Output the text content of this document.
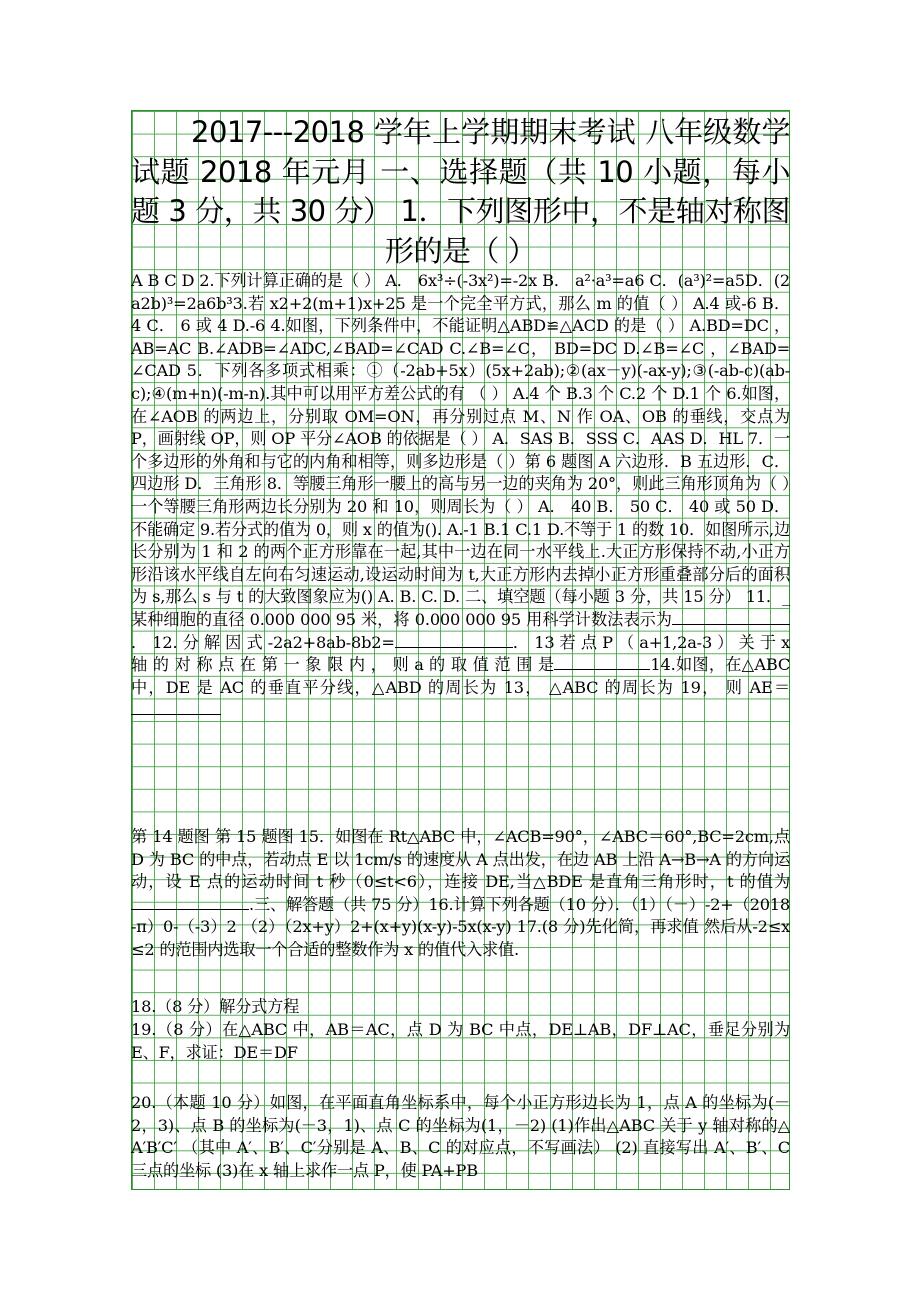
2017---2018 学年上学期期末考试 八年级数学试题 2018 年元月 一、选择题（共 10 小题，每小题 3 分，共 30 分） 1．下列图形中，不是轴对称图形的是（ ）
A B C D 2.下列计算正确的是（ ） A． 6x³÷(-3x²)=-2x B． a²·a³=a6 C．(a³)²=a5D．(2a2b)³=2a6b³3.若 x2+2(m+1)x+25 是一个完全平方式，那么 m 的值（ ） A.4 或-6 B． 4 C． 6 或 4 D.-6 4.如图，下列条件中，不能证明△ABD≌△ACD 的是（ ） A.BD=DC ，AB=AC B.∠ADB=∠ADC,∠BAD=∠CAD C.∠B=∠C， BD=DC D.∠B=∠C ，∠BAD=∠CAD 5．下列各多项式相乘：①（-2ab+5x）(5x+2ab);②(ax－y)(-ax-y);③(-ab-c)(ab-c);④(m+n)(-m-n).其中可以用平方差公式的有 （ ） A.4 个 B.3 个 C.2 个 D.1 个 6.如图，在∠AOB 的两边上，分别取 OM=ON，再分别过点 M、N 作 OA、OB 的垂线，交点为 P，画射线 OP，则 OP 平分∠AOB 的依据是（ ） A．SAS B．SSS C．AAS D．HL 7．一个多边形的外角和与它的内角和相等，则多边形是（ ）第 6 题图 A 六边形．B 五边形．C．四边形 D．三角形 8．等腰三角形一腰上的高与另一边的夹角为 20°，则此三角形顶角为（ ）一个等腰三角形两边长分别为 20 和 10，则周长为（ ） A． 40 B． 50 C． 40 或 50 D．不能确定 9.若分式的值为 0，则 x 的值为(). A.-1 B.1 C.1 D.不等于 1 的数 10．如图所示,边长分别为 1 和 2 的两个正方形靠在一起,其中一边在同一水平线上.大正方形保持不动,小正方形沿该水平线自左向右匀速运动,设运动时间为 t,大正方形内去掉小正方形重叠部分后的面积为 s,那么 s 与 t 的大致图象应为() A. B. C. D. 二、填空题（每小题 3 分，共 15 分） 11．_某种细胞的直径 0.000 000 95 米，将 0.000 000 95 用科学计数法表示为． 12. 分 解 因 式 -2a2+8ab-8b2=	． 13 若 点 P （ a+1,2a-3 ） 关 于 x 轴 的 对 称 点 在 第 一 象 限 内 ， 则 a 的 取 值 范 围 是	14.如图，在△ABC 中，DE 是 AC 的垂直平分线，△ABD 的周长为 13， △ABC 的周长为 19， 则 AE＝
第 14 题图 第 15 题图 15．如图在 Rt△ABC 中，∠ACB=90°，∠ABC＝60°,BC=2cm,点 D 为 BC 的中点，若动点 E 以 1cm/s 的速度从 A 点出发，在边 AB 上沿 A→B→A 的方向运动，设 E 点的运动时间 t 秒（0≤t<6），连接 DE,当△BDE 是直角三角形时，t 的值为.三、解答题（共 75 分）16.计算下列各题（10 分）．（1）（－）-2+（2018-π）0-（-3）2 （2）（2x+y）2+(x+y)(x-y)-5x(x-y) 17.(8 分)先化简，再求值 然后从-2≤x≤2 的范围内选取一个合适的整数作为 x 的值代入求值.
18.（8 分）解分式方程
19.（8 分）在△ABC 中，AB＝AC，点 D 为 BC 中点，DE⊥AB，DF⊥AC，垂足分别为 E、F，求证：DE＝DF
20.（本题 10 分）如图，在平面直角坐标系中，每个小正方形边长为 1，点 A 的坐标为(－2，3)、点 B 的坐标为(－3，1)、点 C 的坐标为(1，－2) (1)作出△ABC 关于 y 轴对称的△A′B′C′ （其中 A′、B′、C′分别是 A、B、C 的对应点，不写画法） (2) 直接写出 A′、B′、C 三点的坐标 (3)在 x 轴上求作一点 P，使 PA+PB
